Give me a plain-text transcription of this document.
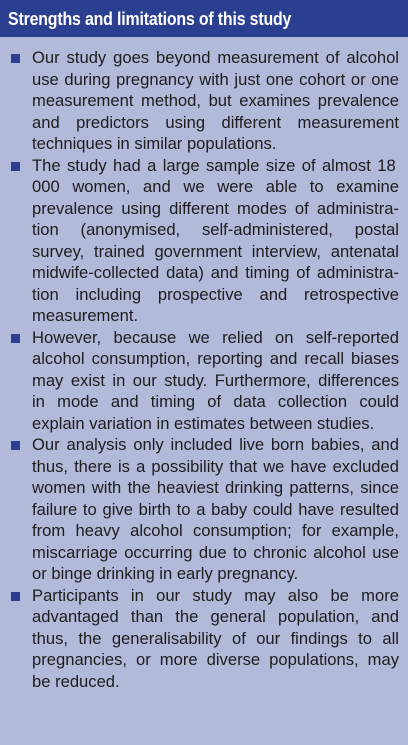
Strengths and limitations of this study
Our study goes beyond measurement of alcohol use during pregnancy with just one cohort or one measurement method, but examines prevalence and predictors using different measurement techniques in similar populations.
The study had a large sample size of almost 18 000 women, and we were able to examine prevalence using different modes of administration (anonymised, self-administered, postal survey, trained government interview, antenatal midwife-collected data) and timing of administration including prospective and retrospective measurement.
However, because we relied on self-reported alcohol consumption, reporting and recall biases may exist in our study. Furthermore, differences in mode and timing of data collection could explain variation in estimates between studies.
Our analysis only included live born babies, and thus, there is a possibility that we have excluded women with the heaviest drinking patterns, since failure to give birth to a baby could have resulted from heavy alcohol consumption; for example, miscarriage occurring due to chronic alcohol use or binge drinking in early pregnancy.
Participants in our study may also be more advantaged than the general population, and thus, the generalisability of our findings to all pregnancies, or more diverse populations, may be reduced.
